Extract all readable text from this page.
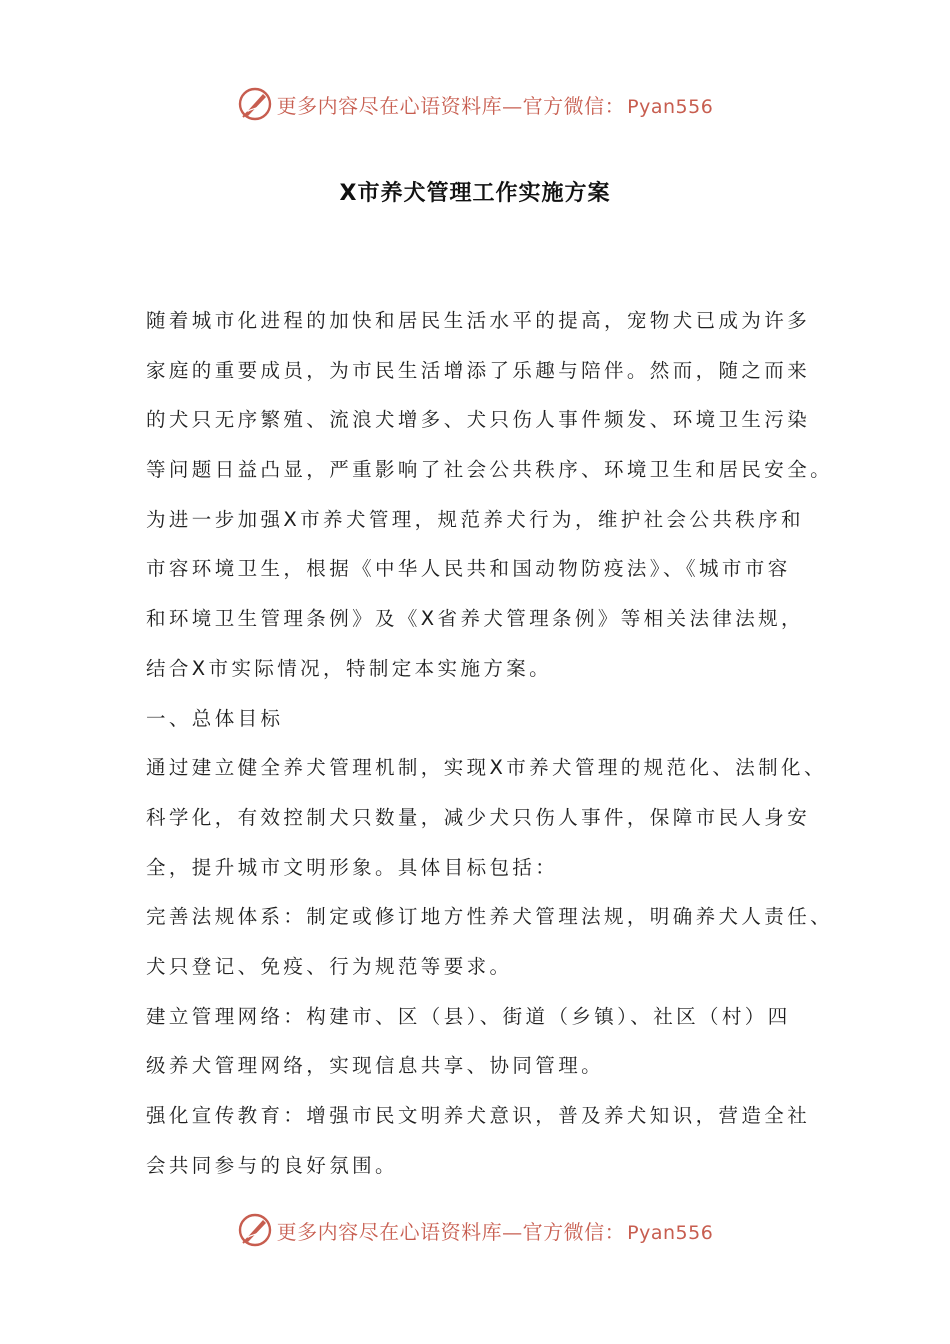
更多内容尽在心语资料库—官方微信： Pyan556
X市养犬管理工作实施方案
随着城市化进程的加快和居民生活水平的提高，宠物犬已成为许多
家庭的重要成员，为市民生活增添了乐趣与陪伴。然而，随之而来
的犬只无序繁殖、流浪犬增多、犬只伤人事件频发、环境卫生污染
等问题日益凸显，严重影响了社会公共秩序、环境卫生和居民安全。
为进一步加强X市养犬管理，规范养犬行为，维护社会公共秩序和
市容环境卫生，根据《中华人民共和国动物防疫法》、《城市市容
和环境卫生管理条例》及《X省养犬管理条例》等相关法律法规，
结合X市实际情况，特制定本实施方案。
一、总体目标
通过建立健全养犬管理机制，实现X市养犬管理的规范化、法制化、
科学化，有效控制犬只数量，减少犬只伤人事件，保障市民人身安
全，提升城市文明形象。具体目标包括：
完善法规体系：制定或修订地方性养犬管理法规，明确养犬人责任、
犬只登记、免疫、行为规范等要求。
建立管理网络：构建市、区（县）、街道（乡镇）、社区（村）四
级养犬管理网络，实现信息共享、协同管理。
强化宣传教育：增强市民文明养犬意识，普及养犬知识，营造全社
会共同参与的良好氛围。
更多内容尽在心语资料库—官方微信： Pyan556
